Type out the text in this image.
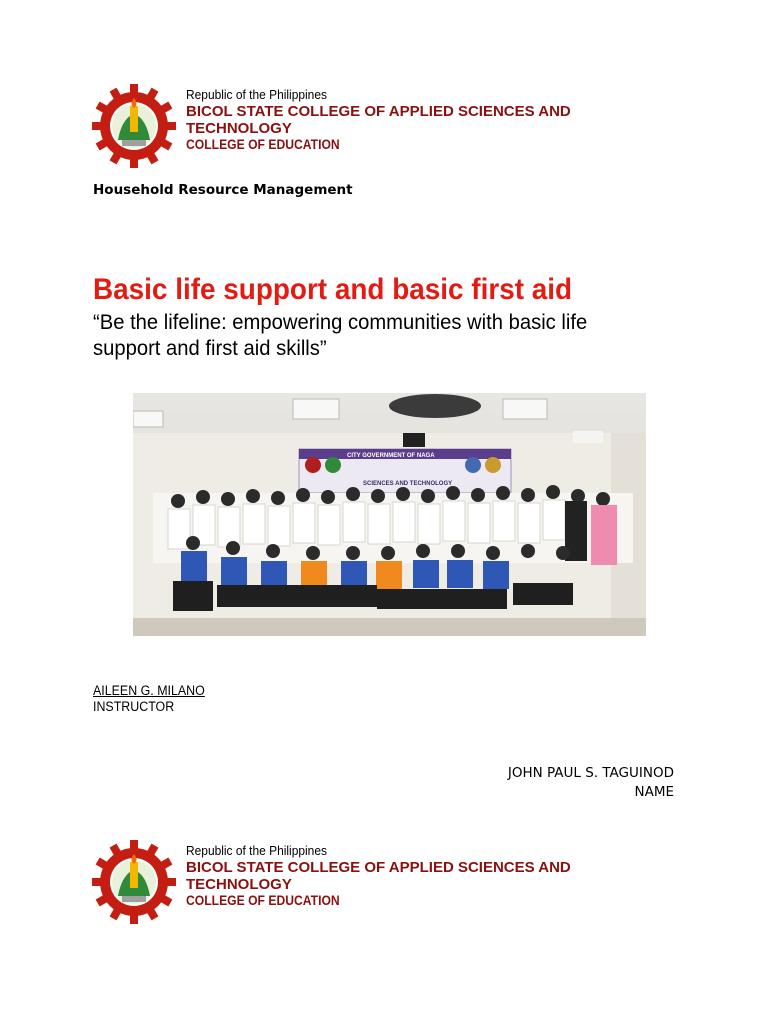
Republic of the Philippines
BICOL STATE COLLEGE OF APPLIED SCIENCES AND TECHNOLOGY
COLLEGE OF EDUCATION
Household Resource Management
Basic life support and basic first aid
“Be the lifeline: empowering communities with basic life support and first aid skills”
CITY GOVERNMENT OF NAGA
SCIENCES AND TECHNOLOGY
AILEEN G. MILANO
INSTRUCTOR
JOHN PAUL S. TAGUINOD
NAME
Republic of the Philippines
BICOL STATE COLLEGE OF APPLIED SCIENCES AND TECHNOLOGY
COLLEGE OF EDUCATION
